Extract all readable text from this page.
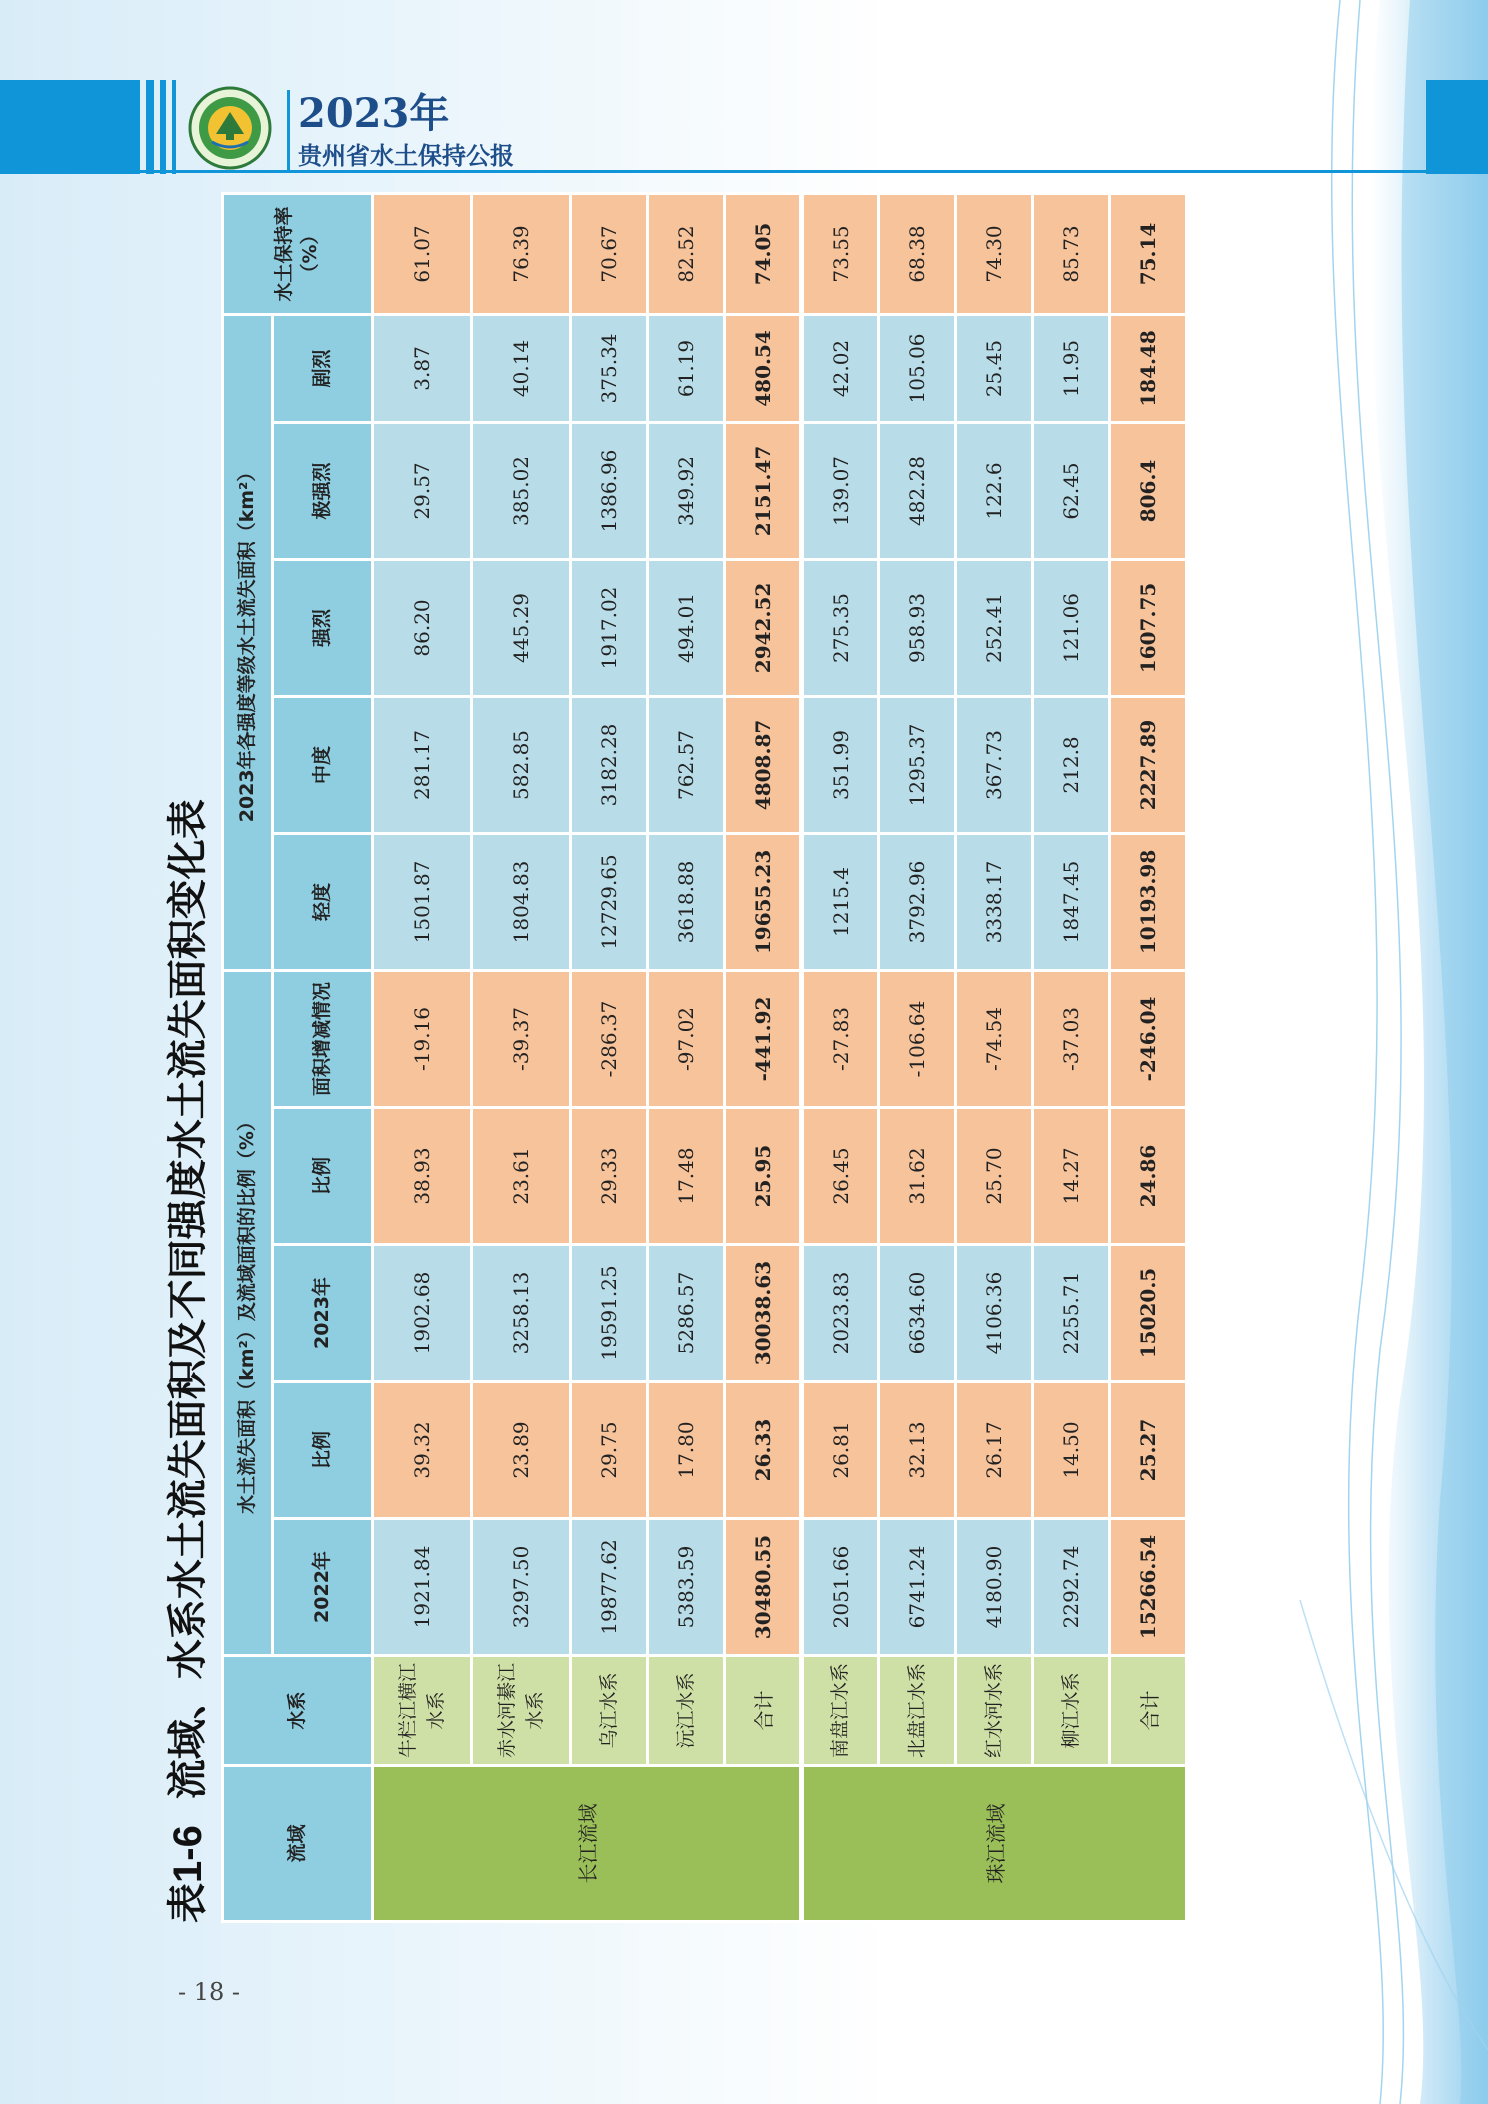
2023年
贵州省水土保持公报
表1-6流域、水系水土流失面积及不同强度水土流失面积变化表
流域	水系	水土流失面积（km²）及流域面积的比例（%）					2023年各强度等级水土流失面积（km²）					水土保持率（%）
		2022年	比例	2023年	比例	面积增减情况	轻度	中度	强烈	极强烈	剧烈	
长江流域	牛栏江横江水系	1921.84	39.32	1902.68	38.93	-19.16	1501.87	281.17	86.20	29.57	3.87	61.07
	赤水河綦江水系	3297.50	23.89	3258.13	23.61	-39.37	1804.83	582.85	445.29	385.02	40.14	76.39
	乌江水系	19877.62	29.75	19591.25	29.33	-286.37	12729.65	3182.28	1917.02	1386.96	375.34	70.67
	沅江水系	5383.59	17.80	5286.57	17.48	-97.02	3618.88	762.57	494.01	349.92	61.19	82.52
	合计	30480.55	26.33	30038.63	25.95	-441.92	19655.23	4808.87	2942.52	2151.47	480.54	74.05
珠江流域	南盘江水系	2051.66	26.81	2023.83	26.45	-27.83	1215.4	351.99	275.35	139.07	42.02	73.55
	北盘江水系	6741.24	32.13	6634.60	31.62	-106.64	3792.96	1295.37	958.93	482.28	105.06	68.38
	红水河水系	4180.90	26.17	4106.36	25.70	-74.54	3338.17	367.73	252.41	122.6	25.45	74.30
	柳江水系	2292.74	14.50	2255.71	14.27	-37.03	1847.45	212.8	121.06	62.45	11.95	85.73
	合计	15266.54	25.27	15020.5	24.86	-246.04	10193.98	2227.89	1607.75	806.4	184.48	75.14
- 18 -
